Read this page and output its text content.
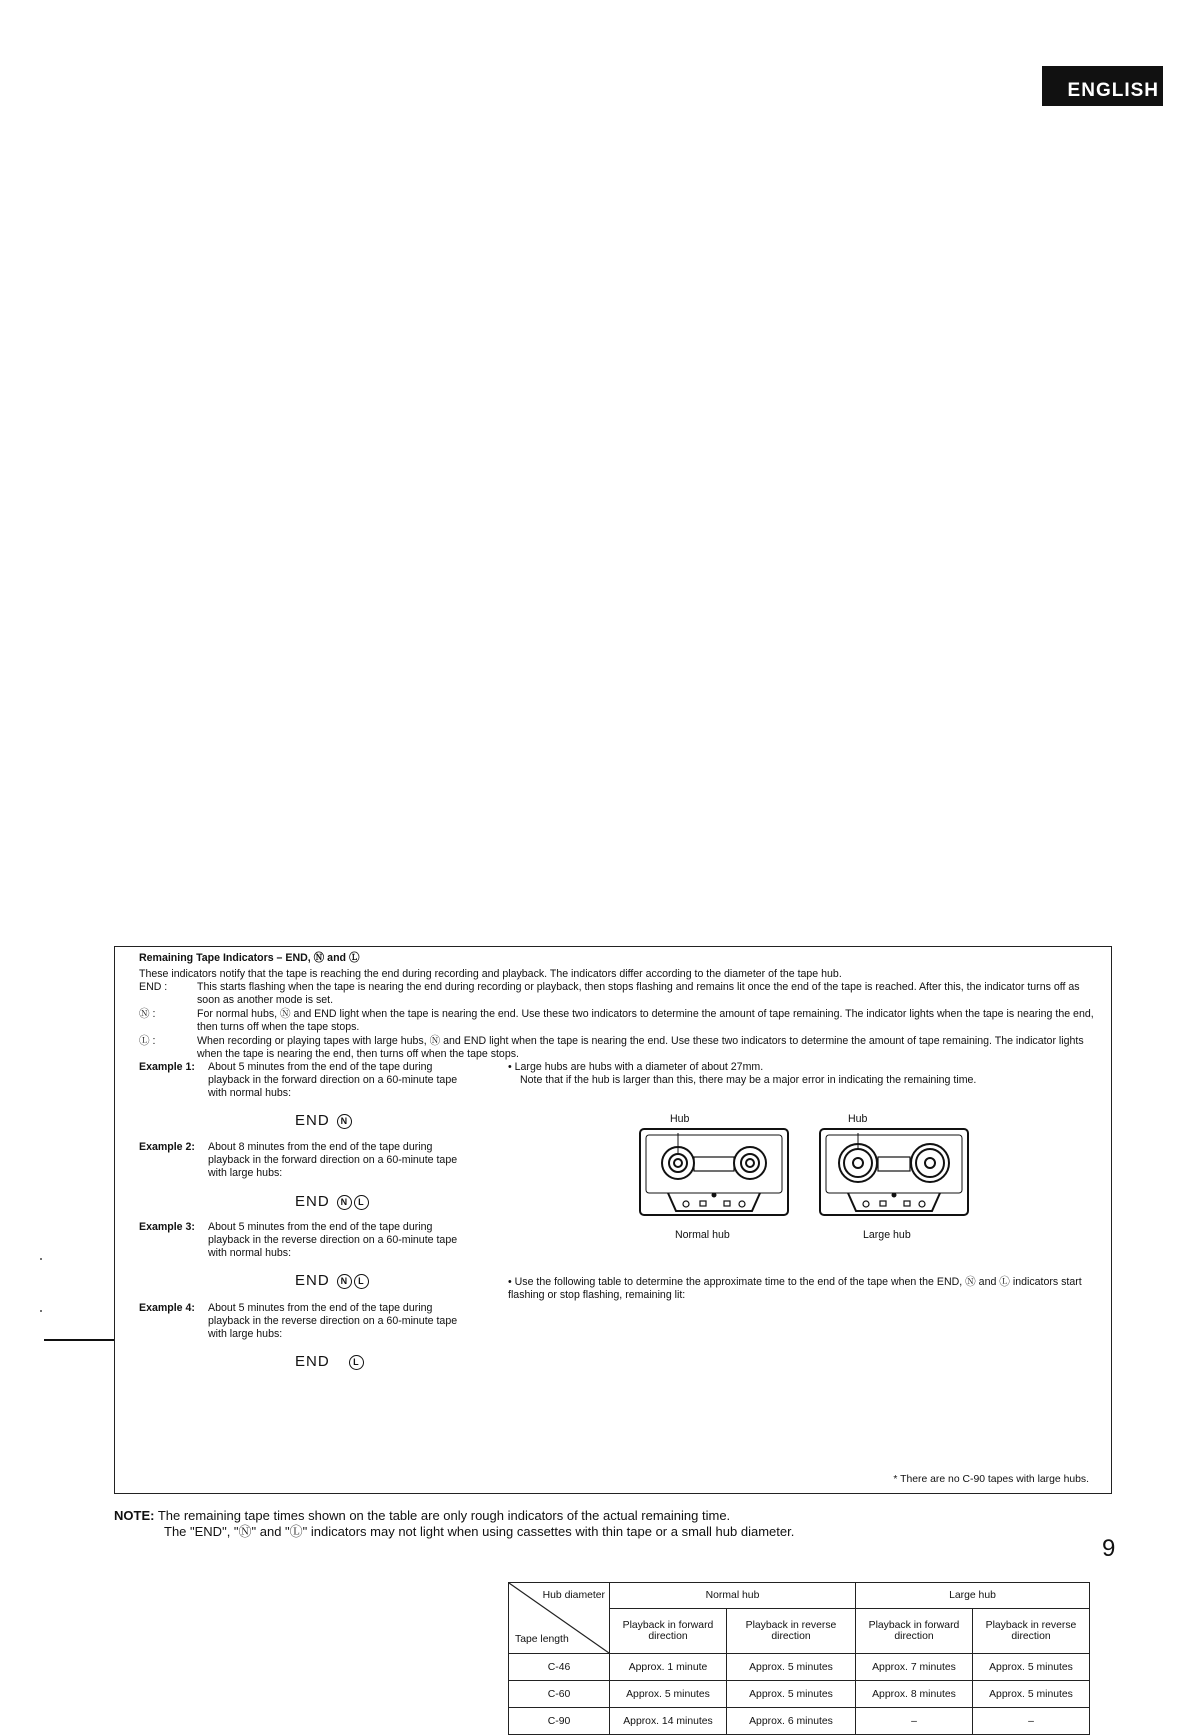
ENGLISH
Remaining Tape Indicators – END, Ⓝ and Ⓛ
These indicators notify that the tape is reaching the end during recording and playback. The indicators differ according to the diameter of the tape hub.
END :	This starts flashing when the tape is nearing the end during recording or playback, then stops flashing and remains lit once the end of the tape is reached. After this, the indicator turns off as soon as another mode is set.
Ⓝ :	For normal hubs, Ⓝ and END light when the tape is nearing the end. Use these two indicators to determine the amount of tape remaining. The indicator lights when the tape is nearing the end, then turns off when the tape stops.
Ⓛ :	When recording or playing tapes with large hubs, Ⓝ and END light when the tape is nearing the end. Use these two indicators to determine the amount of tape remaining. The indicator lights when the tape is nearing the end, then turns off when the tape stops.
Example 1: About 5 minutes from the end of the tape during playback in the forward direction on a 60-minute tape with normal hubs:
END N
Example 2: About 8 minutes from the end of the tape during playback in the forward direction on a 60-minute tape with large hubs:
END N L
Example 3: About 5 minutes from the end of the tape during playback in the reverse direction on a 60-minute tape with normal hubs:
END N L
Example 4: About 5 minutes from the end of the tape during playback in the reverse direction on a 60-minute tape with large hubs:
END	L
• Large hubs are hubs with a diameter of about 27mm.
Note that if the hub is larger than this, there may be a major error in indicating the remaining time.
Hub	Hub
Normal hub	Large hub
• Use the following table to determine the approximate time to the end of the tape when the END, Ⓝ and Ⓛ indicators start flashing or stop flashing, remaining lit:
Hub diameter
Tape length	Normal hub		Large hub	
	Playback in forward direction	Playback in reverse direction	Playback in forward direction	Playback in reverse direction
C-46	Approx. 1 minute	Approx. 5 minutes	Approx. 7 minutes	Approx. 5 minutes
C-60	Approx. 5 minutes	Approx. 5 minutes	Approx. 8 minutes	Approx. 5 minutes
C-90	Approx. 14 minutes	Approx. 6 minutes	–	–
* There are no C-90 tapes with large hubs.
NOTE: The remaining tape times shown on the table are only rough indicators of the actual remaining time.
The "END", "Ⓝ" and "Ⓛ" indicators may not light when using cassettes with thin tape or a small hub diameter.
9
